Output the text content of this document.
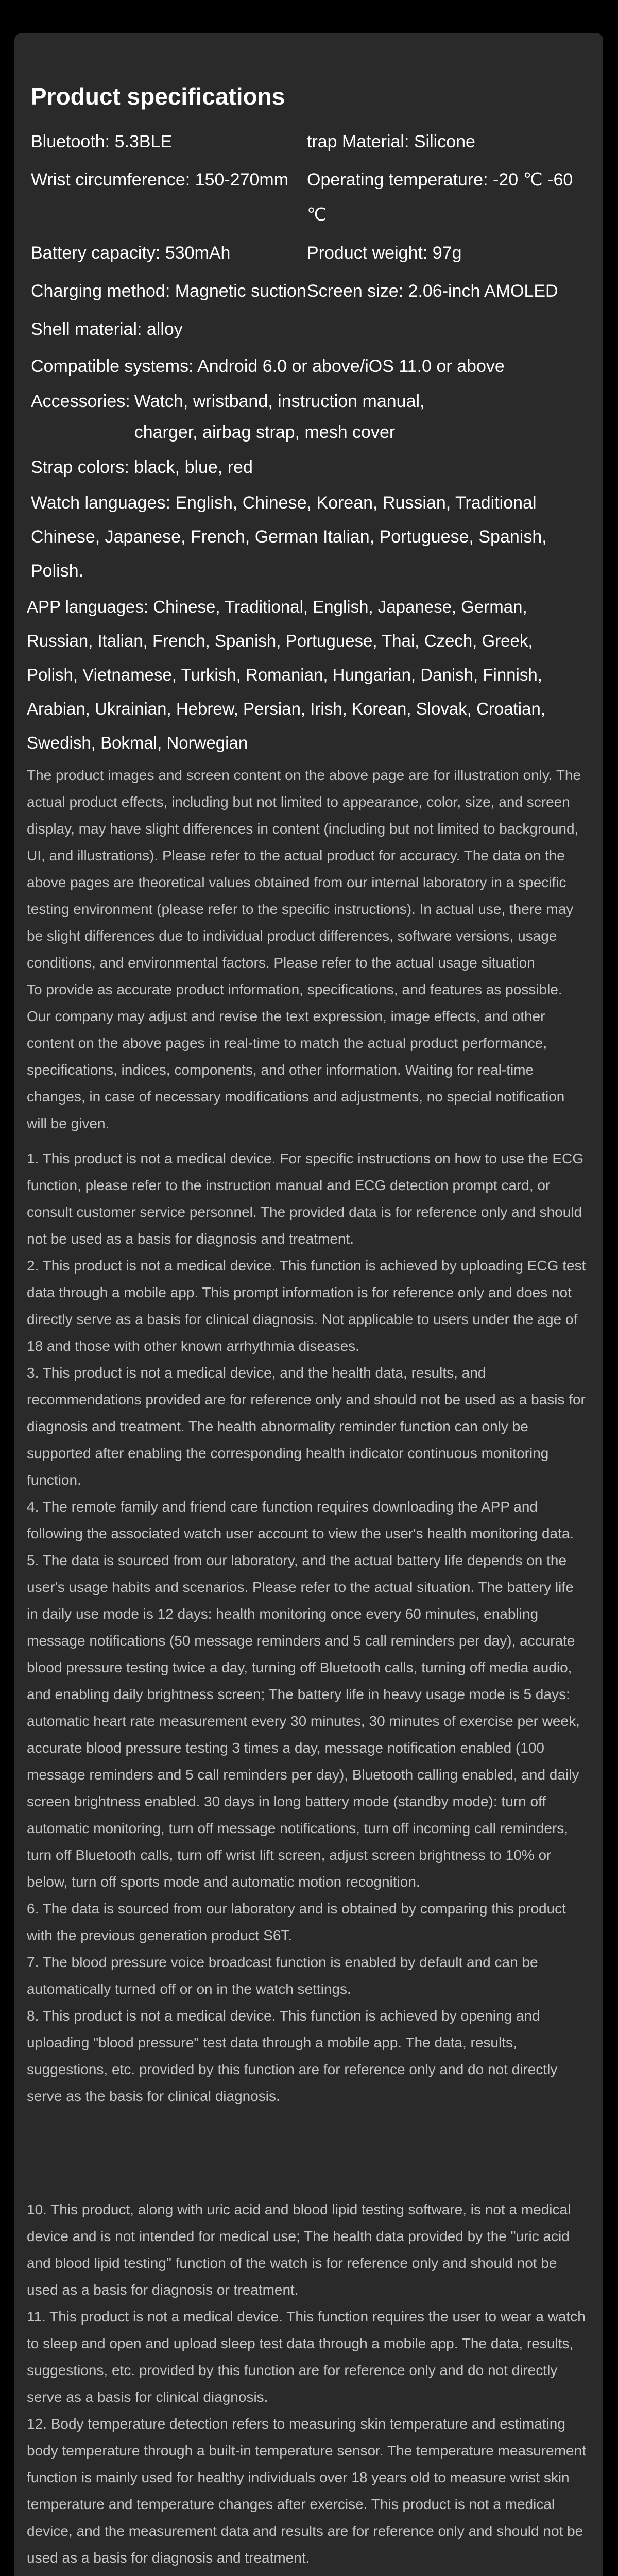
Product specifications
Bluetooth: 5.3BLE	trap Material: Silicone
Wrist circumference: 150-270mm	Operating temperature: -20 ℃ -60 ℃
Battery capacity: 530mAh	Product weight: 97g
Charging method: Magnetic suction Screen size: 2.06-inch AMOLED
Shell material: alloy
Compatible systems: Android 6.0 or above/iOS 11.0 or above
Accessories: Watch, wristband, instruction manual, charger, airbag strap, mesh cover
Strap colors: black, blue, red
Watch languages: English, Chinese, Korean, Russian, Traditional Chinese, Japanese, French, German Italian, Portuguese, Spanish, Polish.
APP languages: Chinese, Traditional, English, Japanese, German, Russian, Italian, French, Spanish, Portuguese, Thai, Czech, Greek, Polish, Vietnamese, Turkish, Romanian, Hungarian, Danish, Finnish, Arabian, Ukrainian, Hebrew, Persian, Irish, Korean, Slovak, Croatian, Swedish, Bokmal, Norwegian
The product images and screen content on the above page are for illustration only. The actual product effects, including but not limited to appearance, color, size, and screen display, may have slight differences in content (including but not limited to background, UI, and illustrations). Please refer to the actual product for accuracy. The data on the above pages are theoretical values obtained from our internal laboratory in a specific testing environment (please refer to the specific instructions). In actual use, there may be slight differences due to individual product differences, software versions, usage conditions, and environmental factors. Please refer to the actual usage situation
To provide as accurate product information, specifications, and features as possible. Our company may adjust and revise the text expression, image effects, and other content on the above pages in real-time to match the actual product performance, specifications, indices, components, and other information. Waiting for real-time changes, in case of necessary modifications and adjustments, no special notification will be given.
1. This product is not a medical device. For specific instructions on how to use the ECG function, please refer to the instruction manual and ECG detection prompt card, or consult customer service personnel. The provided data is for reference only and should not be used as a basis for diagnosis and treatment.
2. This product is not a medical device. This function is achieved by uploading ECG test data through a mobile app. This prompt information is for reference only and does not directly serve as a basis for clinical diagnosis. Not applicable to users under the age of 18 and those with other known arrhythmia diseases.
3. This product is not a medical device, and the health data, results, and recommendations provided are for reference only and should not be used as a basis for diagnosis and treatment. The health abnormality reminder function can only be supported after enabling the corresponding health indicator continuous monitoring function.
4. The remote family and friend care function requires downloading the APP and following the associated watch user account to view the user's health monitoring data.
5. The data is sourced from our laboratory, and the actual battery life depends on the user's usage habits and scenarios. Please refer to the actual situation. The battery life in daily use mode is 12 days: health monitoring once every 60 minutes, enabling message notifications (50 message reminders and 5 call reminders per day), accurate blood pressure testing twice a day, turning off Bluetooth calls, turning off media audio, and enabling daily brightness screen; The battery life in heavy usage mode is 5 days: automatic heart rate measurement every 30 minutes, 30 minutes of exercise per week, accurate blood pressure testing 3 times a day, message notification enabled (100 message reminders and 5 call reminders per day), Bluetooth calling enabled, and daily screen brightness enabled. 30 days in long battery mode (standby mode): turn off automatic monitoring, turn off message notifications, turn off incoming call reminders, turn off Bluetooth calls, turn off wrist lift screen, adjust screen brightness to 10% or below, turn off sports mode and automatic motion recognition.
6. The data is sourced from our laboratory and is obtained by comparing this product with the previous generation product S6T.
7. The blood pressure voice broadcast function is enabled by default and can be automatically turned off or on in the watch settings.
8. This product is not a medical device. This function is achieved by opening and uploading "blood pressure" test data through a mobile app. The data, results, suggestions, etc. provided by this function are for reference only and do not directly serve as the basis for clinical diagnosis.
10. This product, along with uric acid and blood lipid testing software, is not a medical device and is not intended for medical use; The health data provided by the "uric acid and blood lipid testing" function of the watch is for reference only and should not be used as a basis for diagnosis or treatment.
11. This product is not a medical device. This function requires the user to wear a watch to sleep and open and upload sleep test data through a mobile app. The data, results, suggestions, etc. provided by this function are for reference only and do not directly serve as a basis for clinical diagnosis.
12. Body temperature detection refers to measuring skin temperature and estimating body temperature through a built-in temperature sensor. The temperature measurement function is mainly used for healthy individuals over 18 years old to measure wrist skin temperature and temperature changes after exercise. This product is not a medical device, and the measurement data and results are for reference only and should not be used as a basis for diagnosis and treatment.
